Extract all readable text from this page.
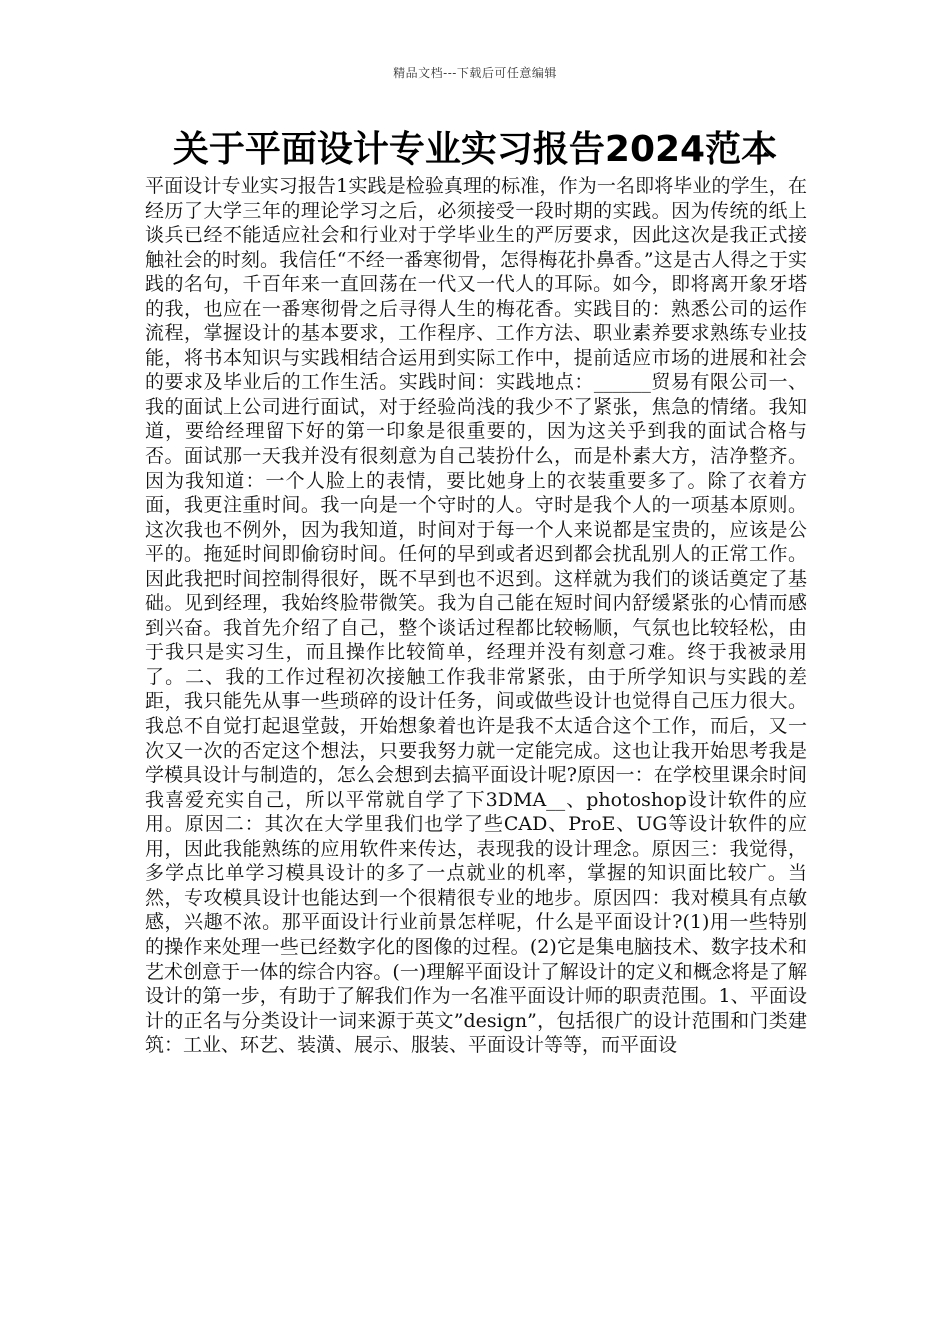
精品文档---下载后可任意编辑
关于平面设计专业实习报告2024范本

平面设计专业实习报告1实践是检验真理的标准，作为一名即将毕业的学生，在经历了大学三年的理论学习之后，必须接受一段时期的实践。因为传统的纸上谈兵已经不能适应社会和行业对于学毕业生的严厉要求，因此这次是我正式接触社会的时刻。我信任“不经一番寒彻骨，怎得梅花扑鼻香。”这是古人得之于实践的名句，千百年来一直回荡在一代又一代人的耳际。如今，即将离开象牙塔的我，也应在一番寒彻骨之后寻得人生的梅花香。实践目的：熟悉公司的运作流程，掌握设计的基本要求，工作程序、工作方法、职业素养要求熟练专业技能，将书本知识与实践相结合运用到实际工作中，提前适应市场的进展和社会的要求及毕业后的工作生活。实践时间：实践地点：______贸易有限公司一、我的面试上公司进行面试，对于经验尚浅的我少不了紧张，焦急的情绪。我知道，要给经理留下好的第一印象是很重要的，因为这关乎到我的面试合格与否。面试那一天我并没有很刻意为自己装扮什么，而是朴素大方，洁净整齐。因为我知道：一个人脸上的表情，要比她身上的衣装重要多了。除了衣着方面，我更注重时间。我一向是一个守时的人。守时是我个人的一项基本原则。这次我也不例外，因为我知道，时间对于每一个人来说都是宝贵的，应该是公平的。拖延时间即偷窃时间。任何的早到或者迟到都会扰乱别人的正常工作。因此我把时间控制得很好，既不早到也不迟到。这样就为我们的谈话奠定了基础。见到经理，我始终脸带微笑。我为自己能在短时间内舒缓紧张的心情而感到兴奋。我首先介绍了自己，整个谈话过程都比较畅顺，气氛也比较轻松，由于我只是实习生，而且操作比较简单，经理并没有刻意刁难。终于我被录用了。二、我的工作过程初次接触工作我非常紧张，由于所学知识与实践的差距，我只能先从事一些琐碎的设计任务，间或做些设计也觉得自己压力很大。我总不自觉打起退堂鼓，开始想象着也许是我不太适合这个工作，而后，又一次又一次的否定这个想法，只要我努力就一定能完成。这也让我开始思考我是学模具设计与制造的，怎么会想到去搞平面设计呢?原因一：在学校里课余时间我喜爱充实自己，所以平常就自学了下3DMA__、photoshop设计软件的应用。原因二：其次在大学里我们也学了些CAD、ProE、UG等设计软件的应用，因此我能熟练的应用软件来传达，表现我的设计理念。原因三：我觉得，多学点比单学习模具设计的多了一点就业的机率，掌握的知识面比较广。当然，专攻模具设计也能达到一个很精很专业的地步。原因四：我对模具有点敏感，兴趣不浓。那平面设计行业前景怎样呢，什么是平面设计?(1)用一些特别的操作来处理一些已经数字化的图像的过程。(2)它是集电脑技术、数字技术和艺术创意于一体的综合内容。(一)理解平面设计了解设计的定义和概念将是了解设计的第一步，有助于了解我们作为一名准平面设计师的职责范围。1、平面设计的正名与分类设计一词来源于英文”design”，包括很广的设计范围和门类建筑：工业、环艺、装潢、展示、服装、平面设计等等，而平面设
